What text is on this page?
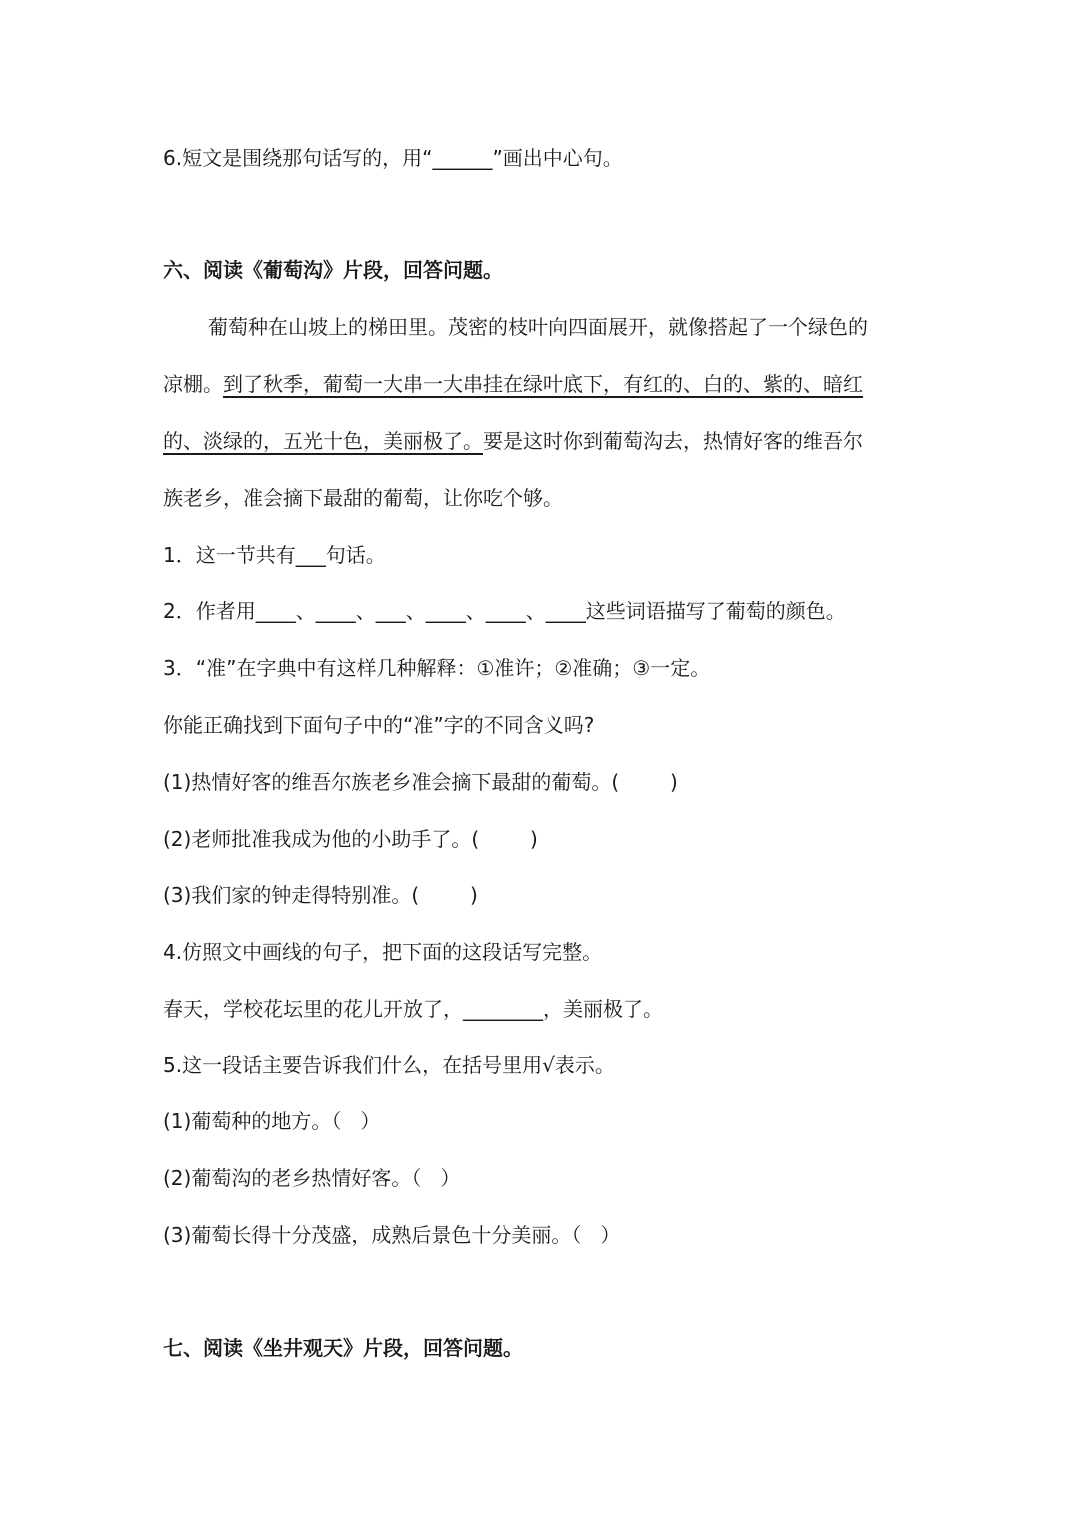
6.短文是围绕那句话写的，用“______”画出中心句。

六、阅读《葡萄沟》片段，回答问题。

葡萄种在山坡上的梯田里。茂密的枝叶向四面展开，就像搭起了一个绿色的

凉棚。到了秋季，葡萄一大串一大串挂在绿叶底下，有红的、白的、紫的、暗红

的、淡绿的，五光十色，美丽极了。要是这时你到葡萄沟去，热情好客的维吾尔

族老乡，准会摘下最甜的葡萄，让你吃个够。

1．这一节共有___句话。

2．作者用____、____、___、____、____、____这些词语描写了葡萄的颜色。

3．“准”在字典中有这样几种解释：①准许；②准确；③一定。

你能正确找到下面句子中的“准”字的不同含义吗?

(1)热情好客的维吾尔族老乡准会摘下最甜的葡萄。(        )

(2)老师批准我成为他的小助手了。(        )

(3)我们家的钟走得特别准。(        )

4.仿照文中画线的句子，把下面的这段话写完整。

春天，学校花坛里的花儿开放了，________，美丽极了。

5.这一段话主要告诉我们什么，在括号里用√表示。

(1)葡萄种的地方。（   ）

(2)葡萄沟的老乡热情好客。（   ）

(3)葡萄长得十分茂盛，成熟后景色十分美丽。（   ）

七、阅读《坐井观天》片段，回答问题。
